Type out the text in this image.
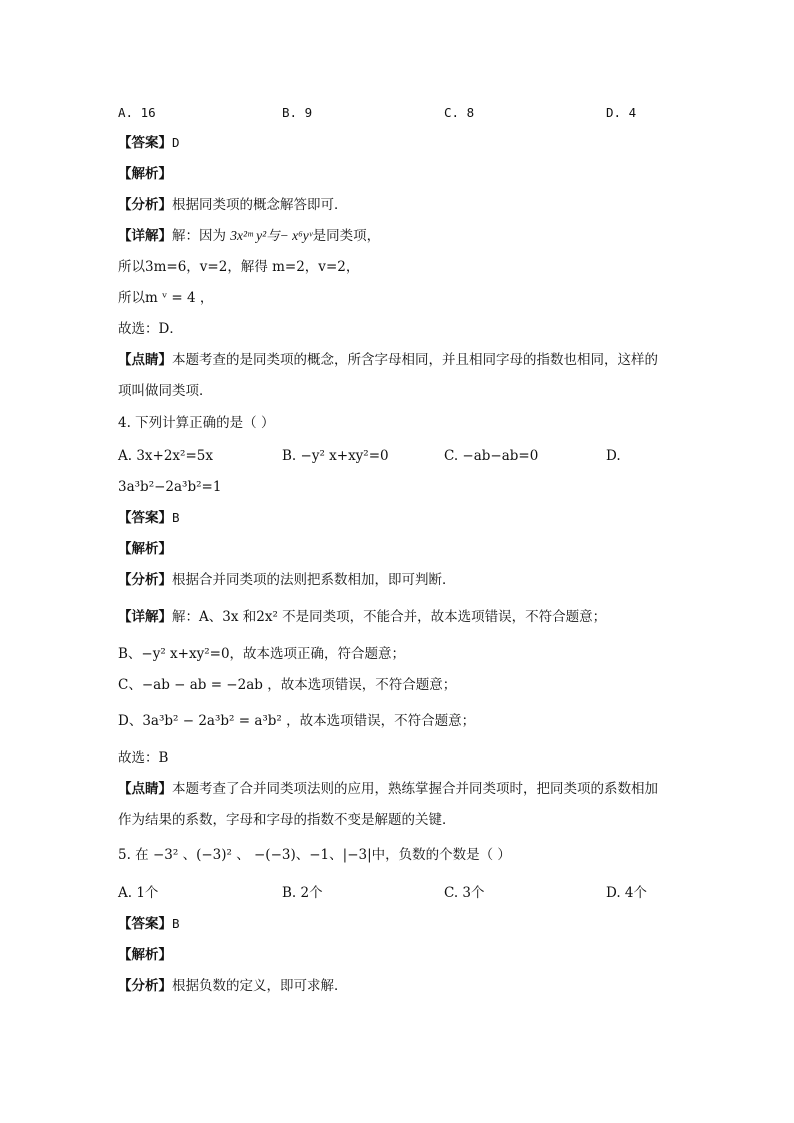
A. 16	B. 9	C. 8	D. 4
【答案】D
【解析】
【分析】根据同类项的概念解答即可．
【详解】解：因为 3x²ᵐ y²与− x⁶yᵛ是同类项，
所以3m=6，v=2，解得 m=2，v=2，
所以m ᵛ = 4 ，
故选：D．
【点睛】本题考查的是同类项的概念，所含字母相同，并且相同字母的指数也相同，这样的
项叫做同类项．
4. 下列计算正确的是（ ）
A. 3x+2x²=5x	B. −y² x+xy²=0	C. −ab−ab=0	D.
3a³b²−2a³b²=1
【答案】B
【解析】
【分析】根据合并同类项的法则把系数相加，即可判断．
【详解】解：A、3x 和2x² 不是同类项，不能合并，故本选项错误，不符合题意；
B、−y² x+xy²=0，故本选项正确，符合题意；
C、−ab − ab = −2ab ，故本选项错误，不符合题意；
D、3a³b² − 2a³b² = a³b² ，故本选项错误，不符合题意；
故选：B
【点睛】本题考查了合并同类项法则的应用，熟练掌握合并同类项时，把同类项的系数相加
作为结果的系数，字母和字母的指数不变是解题的关键．
5. 在 −3² 、(−3)² 、 −(−3)、−1、|−3|中，负数的个数是（ ）
A. 1个	B. 2个	C. 3个	D. 4个
【答案】B
【解析】
【分析】根据负数的定义，即可求解．
